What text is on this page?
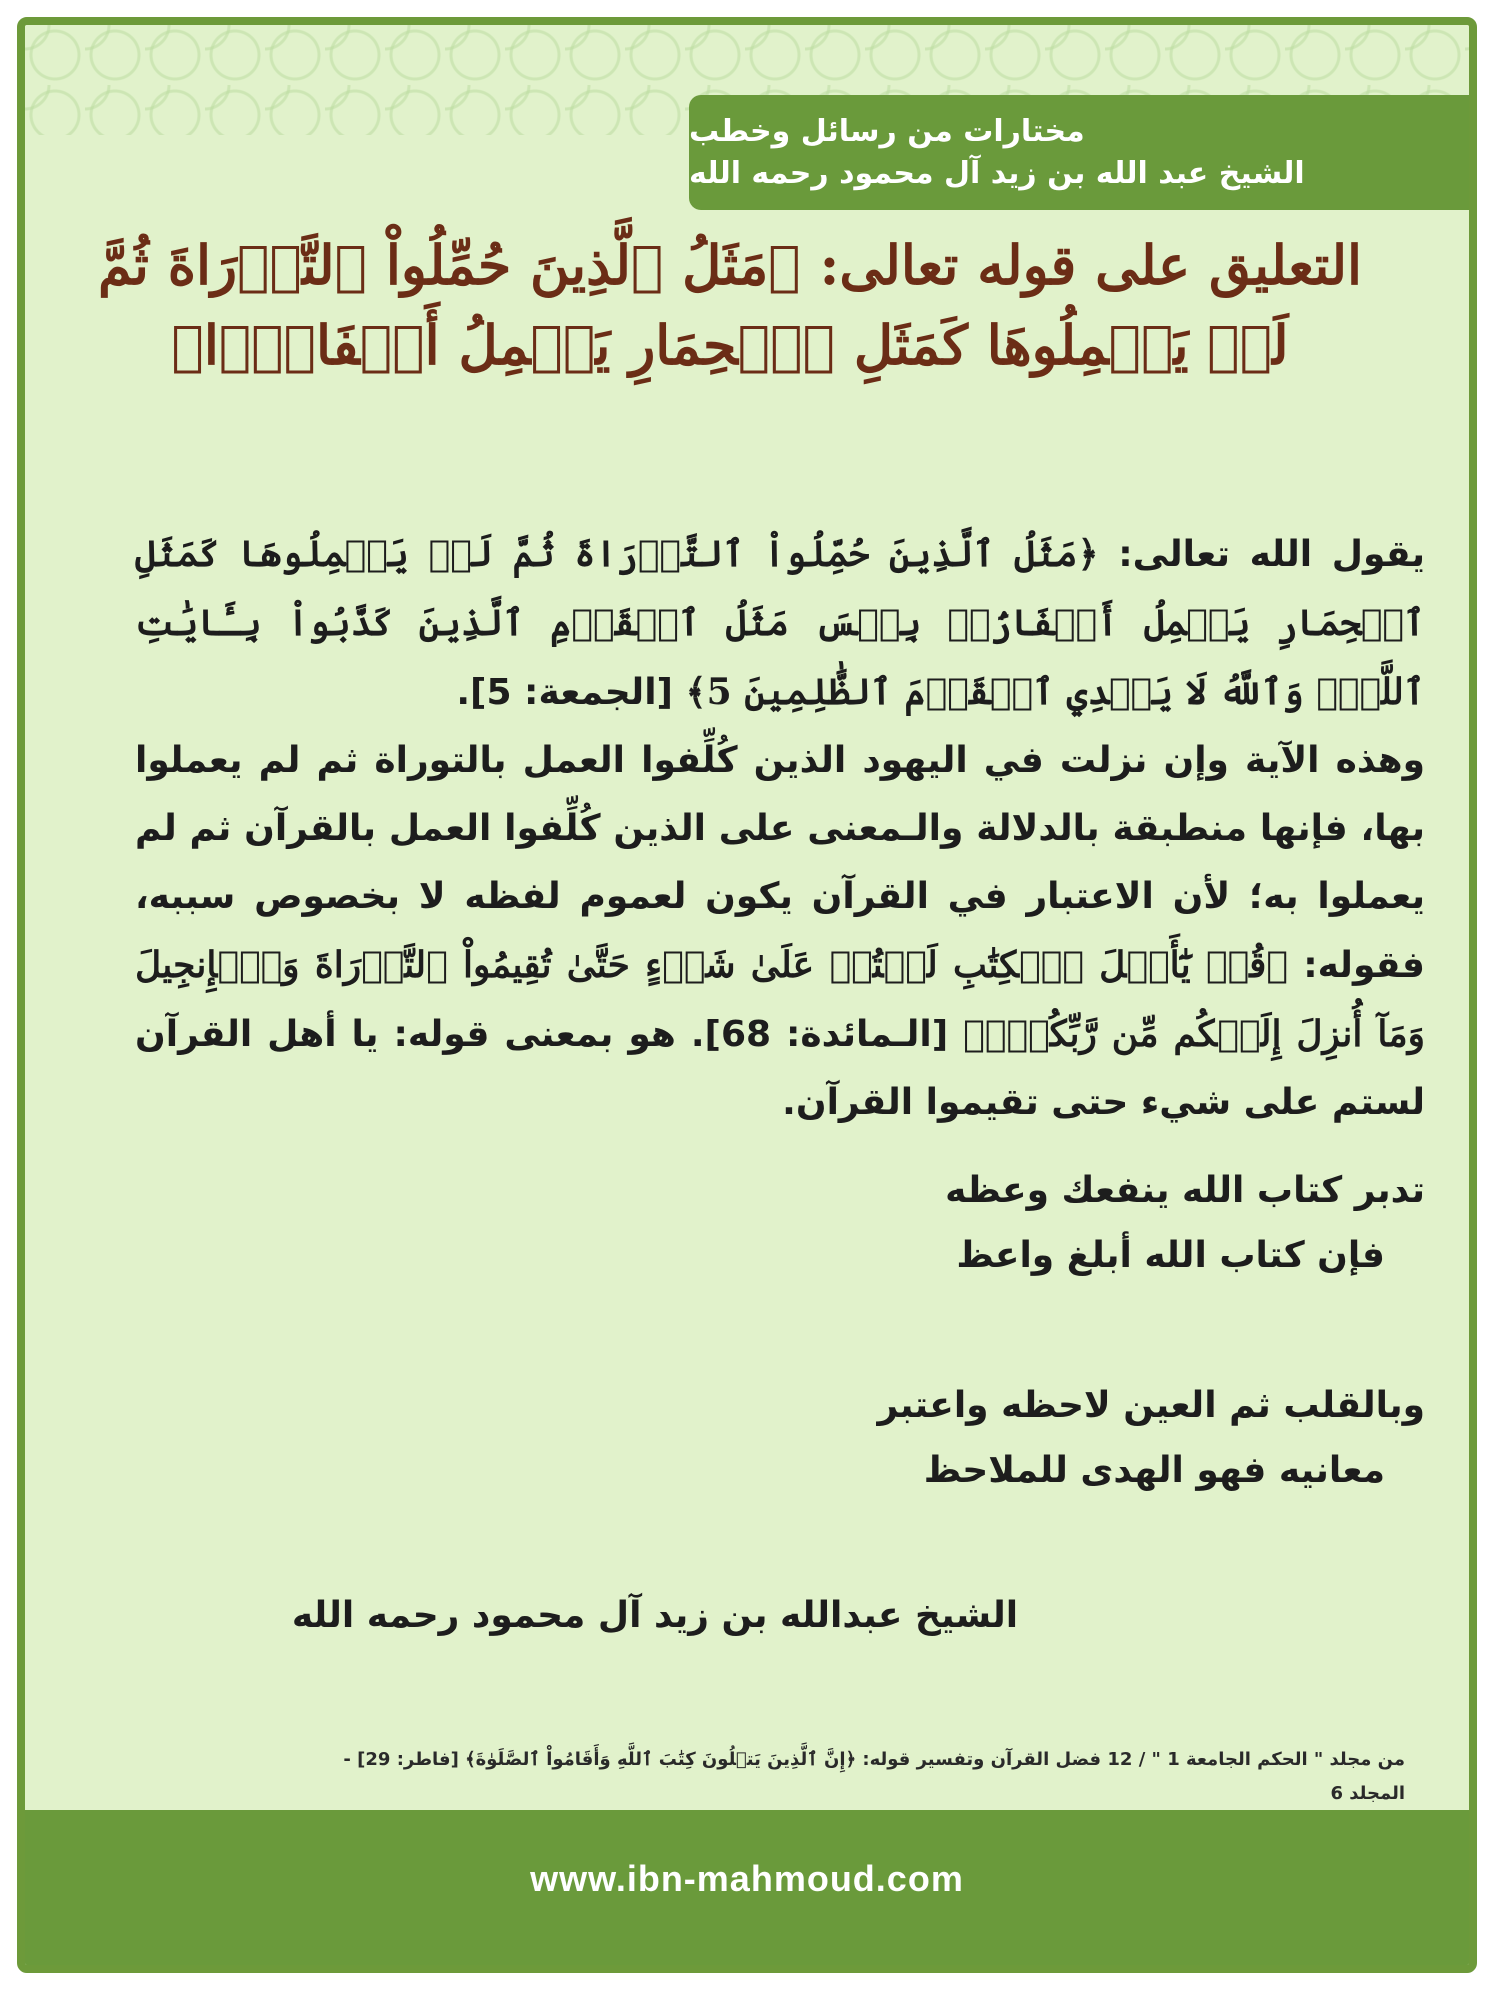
مختارات من رسائل وخطب
الشيخ عبد الله بن زيد آل محمود رحمه الله
التعليق على قوله تعالى: ﴿مَثَلُ ٱلَّذِينَ حُمِّلُواْ ٱلتَّوۡرَاةَ ثُمَّ لَمۡ يَحۡمِلُوهَا كَمَثَلِ ٱلۡحِمَارِ يَحۡمِلُ أَسۡفَارَۢا﴾

يقول الله تعالى: ﴿مَثَلُ ٱلَّذِينَ حُمِّلُواْ ٱلتَّوۡرَاةَ ثُمَّ لَمۡ يَحۡمِلُوهَا كَمَثَلِ ٱلۡحِمَارِ يَحۡمِلُ أَسۡفَارَۢاۚ بِئۡسَ مَثَلُ ٱلۡقَوۡمِ ٱلَّذِينَ كَذَّبُواْ بِـَٔايَٰتِ ٱللَّهِۚ وَٱللَّهُ لَا يَهۡدِي ٱلۡقَوۡمَ ٱلظَّٰلِمِينَ 5﴾ [الجمعة: 5].

وهذه الآية وإن نزلت في اليهود الذين كُلِّفوا العمل بالتوراة ثم لم يعملوا بها، فإنها منطبقة بالدلالة والـمعنى على الذين كُلِّفوا العمل بالقرآن ثم لم يعملوا به؛ لأن الاعتبار في القرآن يكون لعموم لفظه لا بخصوص سببه، فقوله: ﴿قُلۡ يَٰٓأَهۡلَ ٱلۡكِتَٰبِ لَسۡتُمۡ عَلَىٰ شَيۡءٍ حَتَّىٰ تُقِيمُواْ ٱلتَّوۡرَاةَ وَٱلۡإِنجِيلَ وَمَآ أُنزِلَ إِلَيۡكُم مِّن رَّبِّكُمۡۗ﴾ [الـمائدة: 68]. هو بمعنى قوله: يا أهل القرآن لستم على شيء حتى تقيموا القرآن.

تدبر كتاب الله ينفعك وعظه
فإن كتاب الله أبلغ واعظ
وبالقلب ثم العين لاحظه واعتبر
معانيه فهو الهدى للملاحظ
الشيخ عبدالله بن زيد آل محمود رحمه الله
من مجلد " الحكم الجامعة 1 " / 12 فضل القرآن وتفسير قوله: ﴿إِنَّ ٱلَّذِينَ يَتۡلُونَ كِتَٰبَ ٱللَّهِ وَأَقَامُواْ ٱلصَّلَوٰةَ﴾ [فاطر: 29] -
المجلد 6
www.ibn-mahmoud.com
